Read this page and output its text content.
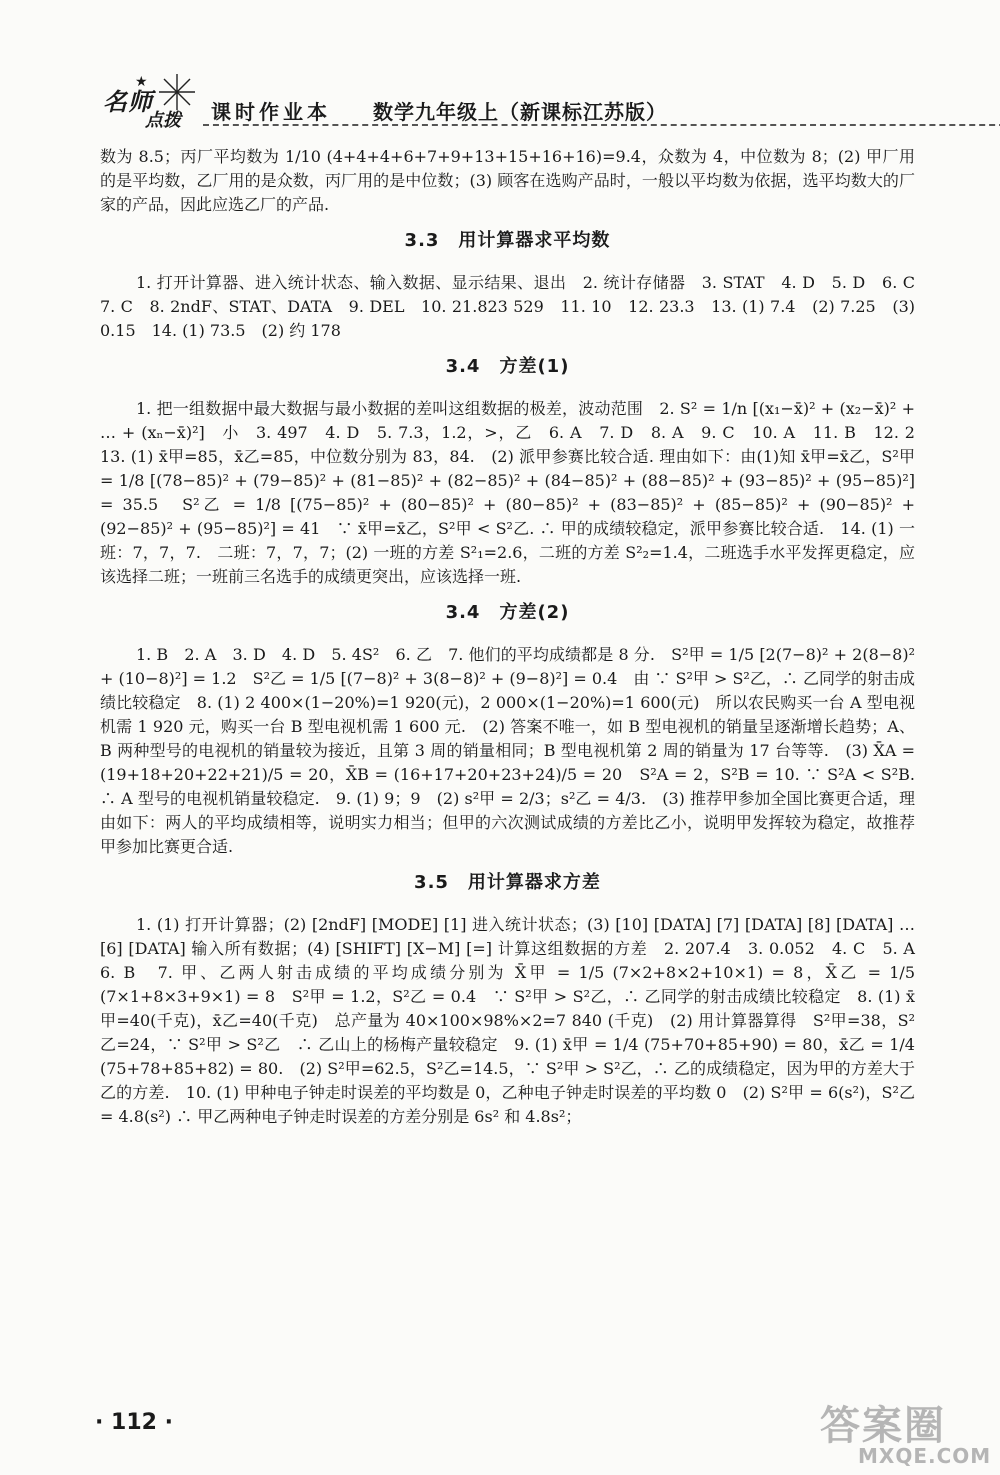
★
名师
点拨 课时作业本 数学九年级上（新课标江苏版）

数为 8.5；丙厂平均数为 1/10 (4+4+4+6+7+9+13+15+16+16)=9.4，众数为 4，中位数为 8；(2) 甲厂用的是平均数，乙厂用的是众数，丙厂用的是中位数；(3) 顾客在选购产品时，一般以平均数为依据，选平均数大的厂家的产品，因此应选乙厂的产品.

3.3　用计算器求平均数

1. 打开计算器、进入统计状态、输入数据、显示结果、退出　2. 统计存储器　3. STAT　4. D　5. D　6. C　7. C　8. 2ndF、STAT、DATA　9. DEL　10. 21.823 529　11. 10　12. 23.3　13. (1) 7.4　(2) 7.25　(3) 0.15　14. (1) 73.5　(2) 约 178

3.4　方差(1)

1. 把一组数据中最大数据与最小数据的差叫这组数据的极差，波动范围　2. S² = 1/n [(x₁−x̄)² + (x₂−x̄)² + … + (xₙ−x̄)²]　小　3. 497　4. D　5. 7.3，1.2，>，乙　6. A　7. D　8. A　9. C　10. A　11. B　12. 2　13. (1) x̄甲=85，x̄乙=85，中位数分别为 83，84.　(2) 派甲参赛比较合适. 理由如下：由(1)知 x̄甲=x̄乙，S²甲 = 1/8 [(78−85)² + (79−85)² + (81−85)² + (82−85)² + (84−85)² + (88−85)² + (93−85)² + (95−85)²] = 35.5　S²乙 = 1/8 [(75−85)² + (80−85)² + (80−85)² + (83−85)² + (85−85)² + (90−85)² + (92−85)² + (95−85)²] = 41　∵ x̄甲=x̄乙，S²甲 < S²乙. ∴ 甲的成绩较稳定，派甲参赛比较合适.　14. (1) 一班：7，7，7.　二班：7，7，7；(2) 一班的方差 S²₁=2.6，二班的方差 S²₂=1.4，二班选手水平发挥更稳定，应该选择二班；一班前三名选手的成绩更突出，应该选择一班.

3.4　方差(2)

1. B　2. A　3. D　4. D　5. 4S²　6. 乙　7. 他们的平均成绩都是 8 分.　S²甲 = 1/5 [2(7−8)² + 2(8−8)² + (10−8)²] = 1.2　S²乙 = 1/5 [(7−8)² + 3(8−8)² + (9−8)²] = 0.4　由 ∵ S²甲 > S²乙，∴ 乙同学的射击成绩比较稳定　8. (1) 2 400×(1−20%)=1 920(元)，2 000×(1−20%)=1 600(元)　所以农民购买一台 A 型电视机需 1 920 元，购买一台 B 型电视机需 1 600 元.　(2) 答案不唯一，如 B 型电视机的销量呈逐渐增长趋势；A、B 两种型号的电视机的销量较为接近，且第 3 周的销量相同；B 型电视机第 2 周的销量为 17 台等等.　(3) X̄A = (19+18+20+22+21)/5 = 20，X̄B = (16+17+20+23+24)/5 = 20　S²A = 2，S²B = 10. ∵ S²A < S²B. ∴ A 型号的电视机销量较稳定.　9. (1) 9；9　(2) s²甲 = 2/3；s²乙 = 4/3.　(3) 推荐甲参加全国比赛更合适，理由如下：两人的平均成绩相等，说明实力相当；但甲的六次测试成绩的方差比乙小，说明甲发挥较为稳定，故推荐甲参加比赛更合适.

3.5　用计算器求方差

1. (1) 打开计算器；(2) [2ndF] [MODE] [1] 进入统计状态；(3) [10] [DATA] [7] [DATA] [8] [DATA] …[6] [DATA] 输入所有数据；(4) [SHIFT] [X−M] [=] 计算这组数据的方差　2. 207.4　3. 0.052　4. C　5. A　6. B　7. 甲、乙两人射击成绩的平均成绩分别为 X̄甲 = 1/5 (7×2+8×2+10×1) = 8，X̄乙 = 1/5 (7×1+8×3+9×1) = 8　S²甲 = 1.2，S²乙 = 0.4　∵ S²甲 > S²乙，∴ 乙同学的射击成绩比较稳定　8. (1) x̄甲=40(千克)，x̄乙=40(千克)　总产量为 40×100×98%×2=7 840 (千克)　(2) 用计算器算得　S²甲=38，S²乙=24，∵ S²甲 > S²乙　∴ 乙山上的杨梅产量较稳定　9. (1) x̄甲 = 1/4 (75+70+85+90) = 80，x̄乙 = 1/4 (75+78+85+82) = 80.　(2) S²甲=62.5，S²乙=14.5，∵ S²甲 > S²乙，∴ 乙的成绩稳定，因为甲的方差大于乙的方差.　10. (1) 甲种电子钟走时误差的平均数是 0，乙种电子钟走时误差的平均数 0　(2) S²甲 = 6(s²)，S²乙 = 4.8(s²) ∴ 甲乙两种电子钟走时误差的方差分别是 6s² 和 4.8s²；

· 112 ·	答案圈
MXQE.COM
